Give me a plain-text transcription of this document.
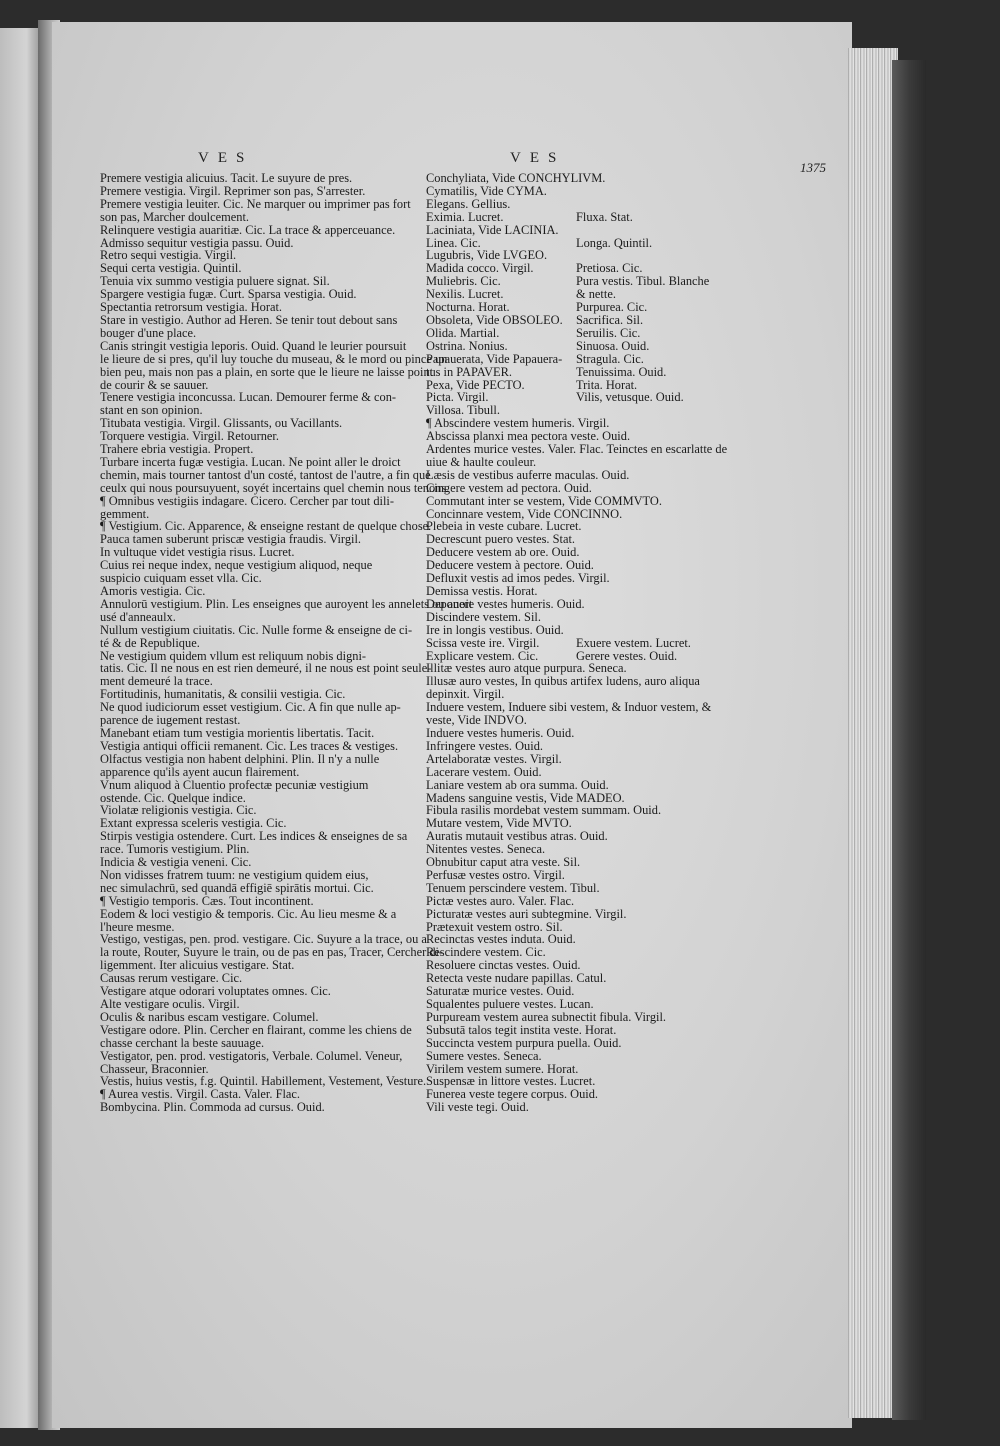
VES	VES
1375
Premere vestigia alicuius. Tacit. Le suyure de pres.
Premere vestigia. Virgil. Reprimer son pas, S'arrester.
Premere vestigia leuiter. Cic. Ne marquer ou imprimer pas fort
son pas, Marcher doulcement.
Relinquere vestigia auaritiæ. Cic. La trace & apperceuance.
Admisso sequitur vestigia passu. Ouid.
Retro sequi vestigia. Virgil.
Sequi certa vestigia. Quintil.
Tenuia vix summo vestigia puluere signat. Sil.
Spargere vestigia fugæ. Curt. Sparsa vestigia. Ouid.
Spectantia retrorsum vestigia. Horat.
Stare in vestigio. Author ad Heren. Se tenir tout debout sans
bouger d'une place.
Canis stringit vestigia leporis. Ouid. Quand le leurier poursuit
le lieure de si pres, qu'il luy touche du museau, & le mord ou pince un
bien peu, mais non pas a plain, en sorte que le lieure ne laisse point
de courir & se sauuer.
Tenere vestigia inconcussa. Lucan. Demourer ferme & con-
stant en son opinion.
Titubata vestigia. Virgil. Glissants, ou Vacillants.
Torquere vestigia. Virgil. Retourner.
Trahere ebria vestigia. Propert.
Turbare incerta fugæ vestigia. Lucan. Ne point aller le droict
chemin, mais tourner tantost d'un costé, tantost de l'autre, a fin que
ceulx qui nous poursuyuent, soyét incertains quel chemin nous tenons.
¶ Omnibus vestigiis indagare. Cicero. Cercher par tout dili-
gemment.
¶ Vestigium. Cic. Apparence, & enseigne restant de quelque chose.
Pauca tamen suberunt priscæ vestigia fraudis. Virgil.
In vultuque videt vestigia risus. Lucret.
Cuius rei neque index, neque vestigium aliquod, neque
suspicio cuiquam esset vlla. Cic.
Amoris vestigia. Cic.
Annulorū vestigium. Plin. Les enseignes que auroyent les annelets ou auoit
usé d'anneaulx.
Nullum vestigium ciuitatis. Cic. Nulle forme & enseigne de ci-
té & de Republique.
Ne vestigium quidem vllum est reliquum nobis digni-
tatis. Cic. Il ne nous en est rien demeuré, il ne nous est point seule-
ment demeuré la trace.
Fortitudinis, humanitatis, & consilii vestigia. Cic.
Ne quod iudiciorum esset vestigium. Cic. A fin que nulle ap-
parence de iugement restast.
Manebant etiam tum vestigia morientis libertatis. Tacit.
Vestigia antiqui officii remanent. Cic. Les traces & vestiges.
Olfactus vestigia non habent delphini. Plin. Il n'y a nulle
apparence qu'ils ayent aucun flairement.
Vnum aliquod à Cluentio profectæ pecuniæ vestigium
ostende. Cic. Quelque indice.
Violatæ religionis vestigia. Cic.
Extant expressa sceleris vestigia. Cic.
Stirpis vestigia ostendere. Curt. Les indices & enseignes de sa
race. Tumoris vestigium. Plin.
Indicia & vestigia veneni. Cic.
Non vidisses fratrem tuum: ne vestigium quidem eius,
nec simulachrū, sed quandā effigiē spirātis mortui. Cic.
¶ Vestigio temporis. Cæs. Tout incontinent.
Eodem & loci vestigio & temporis. Cic. Au lieu mesme & a
l'heure mesme.
Vestigo, vestigas, pen. prod. vestigare. Cic. Suyure a la trace, ou a
la route, Router, Suyure le train, ou de pas en pas, Tracer, Cercher di-
ligemment. Iter alicuius vestigare. Stat.
Causas rerum vestigare. Cic.
Vestigare atque odorari voluptates omnes. Cic.
Alte vestigare oculis. Virgil.
Oculis & naribus escam vestigare. Columel.
Vestigare odore. Plin. Cercher en flairant, comme les chiens de
chasse cerchant la beste sauuage.
Vestigator, pen. prod. vestigatoris, Verbale. Columel. Veneur,
Chasseur, Braconnier.
Vestis, huius vestis, f.g. Quintil. Habillement, Vestement, Vesture.
¶ Aurea vestis. Virgil. Casta. Valer. Flac.
Bombycina. Plin. Commoda ad cursus. Ouid.
Conchyliata, Vide CONCHYLIVM.
Cymatilis, Vide CYMA.
Elegans. Gellius.
Eximia. Lucret.	Fluxa. Stat.
Laciniata, Vide LACINIA.
Linea. Cic.	Longa. Quintil.
Lugubris, Vide LVGEO.
Madida cocco. Virgil.	Pretiosa. Cic.
Muliebris. Cic.	Pura vestis. Tibul. Blanche
Nexilis. Lucret.	& nette.
Nocturna. Horat.	Purpurea. Cic.
Obsoleta, Vide OBSOLEO.	Sacrifica. Sil.
Olida. Martial.	Seruilis. Cic.
Ostrina. Nonius.	Sinuosa. Ouid.
Papauerata, Vide Papauera-	Stragula. Cic.
tus in PAPAVER.	Tenuissima. Ouid.
Pexa, Vide PECTO.	Trita. Horat.
Picta. Virgil.	Vilis, vetusque. Ouid.
Villosa. Tibull.
¶ Abscindere vestem humeris. Virgil.
Abscissa planxi mea pectora veste. Ouid.
Ardentes murice vestes. Valer. Flac. Teinctes en escarlatte de
uiue & haulte couleur.
Læsis de vestibus auferre maculas. Ouid.
Cingere vestem ad pectora. Ouid.
Commutant inter se vestem, Vide COMMVTO.
Concinnare vestem, Vide CONCINNO.
Plebeia in veste cubare. Lucret.
Decrescunt puero vestes. Stat.
Deducere vestem ab ore. Ouid.
Deducere vestem à pectore. Ouid.
Defluxit vestis ad imos pedes. Virgil.
Demissa vestis. Horat.
Deponere vestes humeris. Ouid.
Discindere vestem. Sil.
Ire in longis vestibus. Ouid.
Scissa veste ire. Virgil.	Exuere vestem. Lucret.
Explicare vestem. Cic.	Gerere vestes. Ouid.
Illitæ vestes auro atque purpura. Seneca.
Illusæ auro vestes, In quibus artifex ludens, auro aliqua
depinxit. Virgil.
Induere vestem, Induere sibi vestem, & Induor vestem, &
veste, Vide INDVO.
Induere vestes humeris. Ouid.
Infringere vestes. Ouid.
Artelaboratæ vestes. Virgil.
Lacerare vestem. Ouid.
Laniare vestem ab ora summa. Ouid.
Madens sanguine vestis, Vide MADEO.
Fibula rasilis mordebat vestem summam. Ouid.
Mutare vestem, Vide MVTO.
Auratis mutauit vestibus atras. Ouid.
Nitentes vestes. Seneca.
Obnubitur caput atra veste. Sil.
Perfusæ vestes ostro. Virgil.
Tenuem perscindere vestem. Tibul.
Pictæ vestes auro. Valer. Flac.
Picturatæ vestes auri subtegmine. Virgil.
Prætexuit vestem ostro. Sil.
Recinctas vestes induta. Ouid.
Rescindere vestem. Cic.
Resoluere cinctas vestes. Ouid.
Retecta veste nudare papillas. Catul.
Saturatæ murice vestes. Ouid.
Squalentes puluere vestes. Lucan.
Purpuream vestem aurea subnectit fibula. Virgil.
Subsutā talos tegit instita veste. Horat.
Succincta vestem purpura puella. Ouid.
Sumere vestes. Seneca.
Virilem vestem sumere. Horat.
Suspensæ in littore vestes. Lucret.
Funerea veste tegere corpus. Ouid.
Vili veste tegi. Ouid.
